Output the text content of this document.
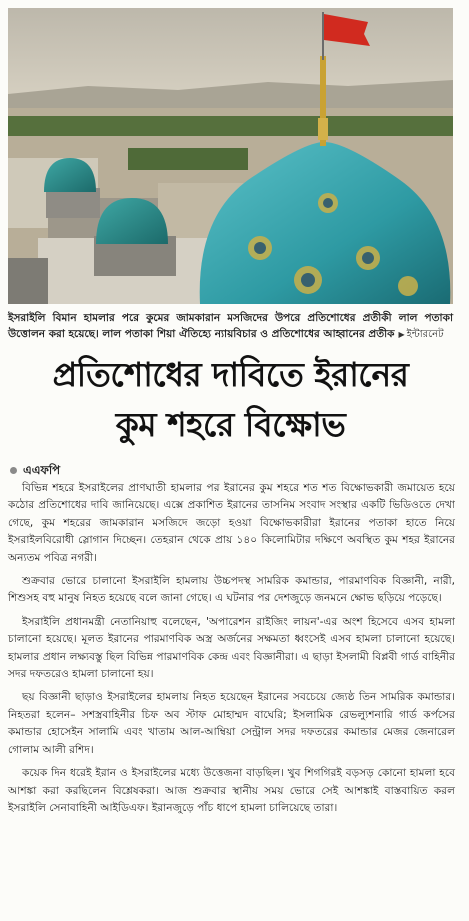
ইসরাইলি বিমান হামলার পরে কুমের জামকারান মসজিদের উপরে প্রতিশোধের প্রতীকী লাল পতাকা উত্তোলন করা হয়েছে। লাল পতাকা শিয়া ঐতিহ্যে ন্যায়বিচার ও প্রতিশোধের আহ্বানের প্রতীক ▶ ইন্টারনেট
প্রতিশোধের দাবিতে ইরানের
কুম শহরে বিক্ষোভ
এএফপি

বিভিন্ন শহরে ইসরাইলের প্রাণঘাতী হামলার পর ইরানের কুম শহরে শত শত বিক্ষোভকারী জমায়েত হয়ে কঠোর প্রতিশোধের দাবি জানিয়েছে। এক্সে প্রকাশিত ইরানের তাসনিম সংবাদ সংস্থার একটি ভিডিওতে দেখা গেছে, কুম শহরের জামকারান মসজিদে জড়ো হওয়া বিক্ষোভকারীরা ইরানের পতাকা হাতে নিয়ে ইসরাইলবিরোধী স্লোগান দিচ্ছেন। তেহরান থেকে প্রায় ১৪০ কিলোমিটার দক্ষিণে অবস্থিত কুম শহর ইরানের অন্যতম পবিত্র নগরী।

শুক্রবার ভোরে চালানো ইসরাইলি হামলায় উচ্চপদস্থ সামরিক কমান্ডার, পারমাণবিক বিজ্ঞানী, নারী, শিশুসহ বহু মানুষ নিহত হয়েছে বলে জানা গেছে। এ ঘটনার পর দেশজুড়ে জনমনে ক্ষোভ ছড়িয়ে পড়েছে।

ইসরাইলি প্রধানমন্ত্রী নেতানিয়াহু বলেছেন, 'অপারেশন রাইজিং লায়ন'-এর অংশ হিসেবে এসব হামলা চালানো হয়েছে। মূলত ইরানের পারমাণবিক অস্ত্র অর্জনের সক্ষমতা ধ্বংসেই এসব হামলা চালানো হয়েছে। হামলার প্রধান লক্ষ্যবস্তু ছিল বিভিন্ন পারমাণবিক কেন্দ্র এবং বিজ্ঞানীরা। এ ছাড়া ইসলামী বিপ্লবী গার্ড বাহিনীর সদর দফতরেও হামলা চালানো হয়।

ছয় বিজ্ঞানী ছাড়াও ইসরাইলের হামলায় নিহত হয়েছেন ইরানের সবচেয়ে জ্যেষ্ঠ তিন সামরিক কমান্ডার। নিহতরা হলেন– সশস্ত্রবাহিনীর চিফ অব স্টাফ মোহাম্মদ বাঘেরি; ইসলামিক রেভল্যুশনারি গার্ড কর্পসের কমান্ডার হোসেইন সালামি এবং খাতাম আল-আম্বিয়া সেন্ট্রাল সদর দফতরের কমান্ডার মেজর জেনারেল গোলাম আলী রশিদ।

কয়েক দিন ধরেই ইরান ও ইসরাইলের মধ্যে উত্তেজনা বাড়ছিল। খুব শিগগিরই বড়সড় কোনো হামলা হবে আশঙ্কা করা করছিলেন বিশ্লেষকরা। আজ শুক্রবার স্থানীয় সময় ভোরে সেই আশঙ্কাই বাস্তবায়িত করল ইসরাইলি সেনাবাহিনী আইডিএফ। ইরানজুড়ে পাঁচ ধাপে হামলা চালিয়েছে তারা।
